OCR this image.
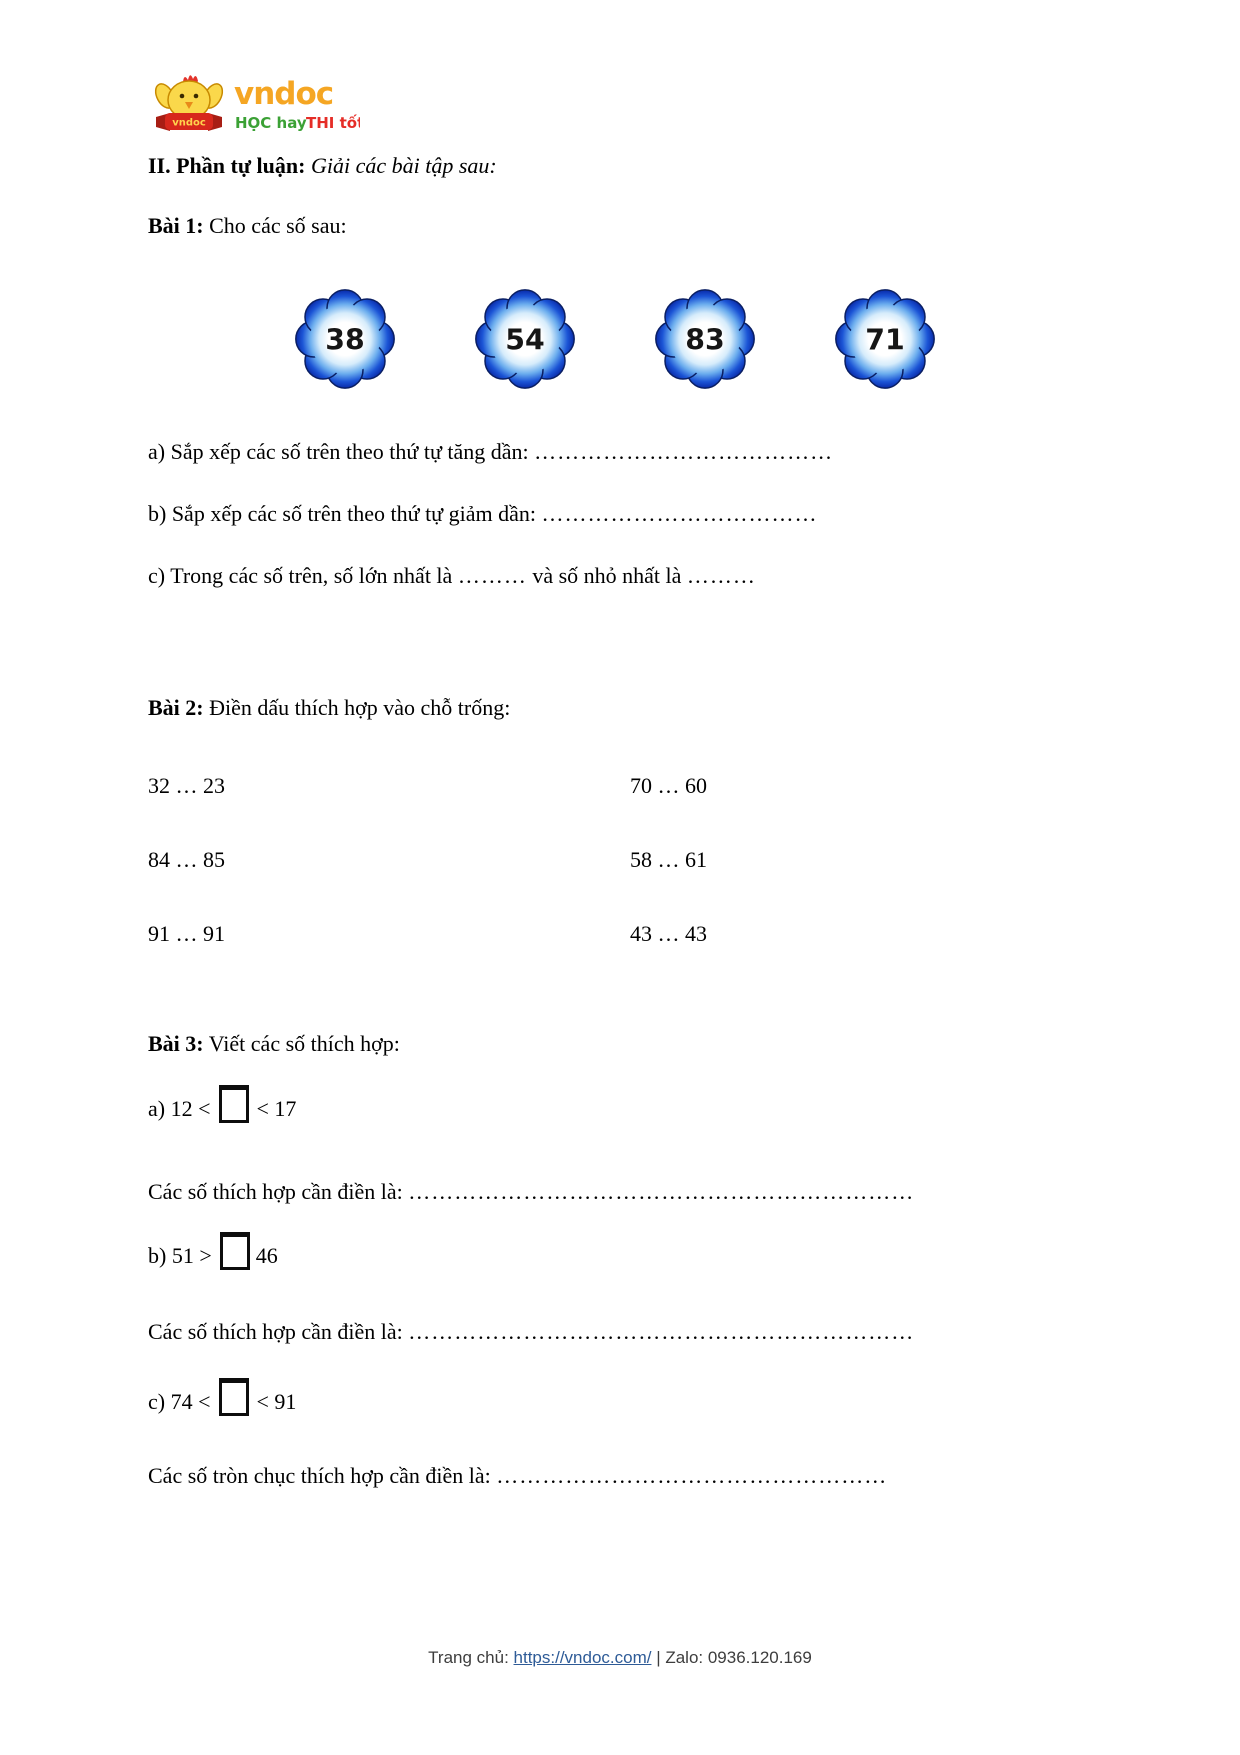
vndoc
vndoc
HỌC hay THI tốt
II. Phần tự luận: Giải các bài tập sau:
Bài 1: Cho các số sau:
38	54	83	71
a) Sắp xếp các số trên theo thứ tự tăng dần: …………………………………
b) Sắp xếp các số trên theo thứ tự giảm dần: ………………………………
c) Trong các số trên, số lớn nhất là ……… và số nhỏ nhất là ………
Bài 2: Điền dấu thích hợp vào chỗ trống:
32 … 23	70 … 60
84 … 85	58 … 61
91 … 91	43 … 43
Bài 3: Viết các số thích hợp:
a) 12 < < 17
Các số thích hợp cần điền là: …………………………………………………………
b) 51 > 46
Các số thích hợp cần điền là: …………………………………………………………
c) 74 < < 91
Các số tròn chục thích hợp cần điền là: ……………………………………………
Trang chủ: https://vndoc.com/ | Zalo: 0936.120.169
